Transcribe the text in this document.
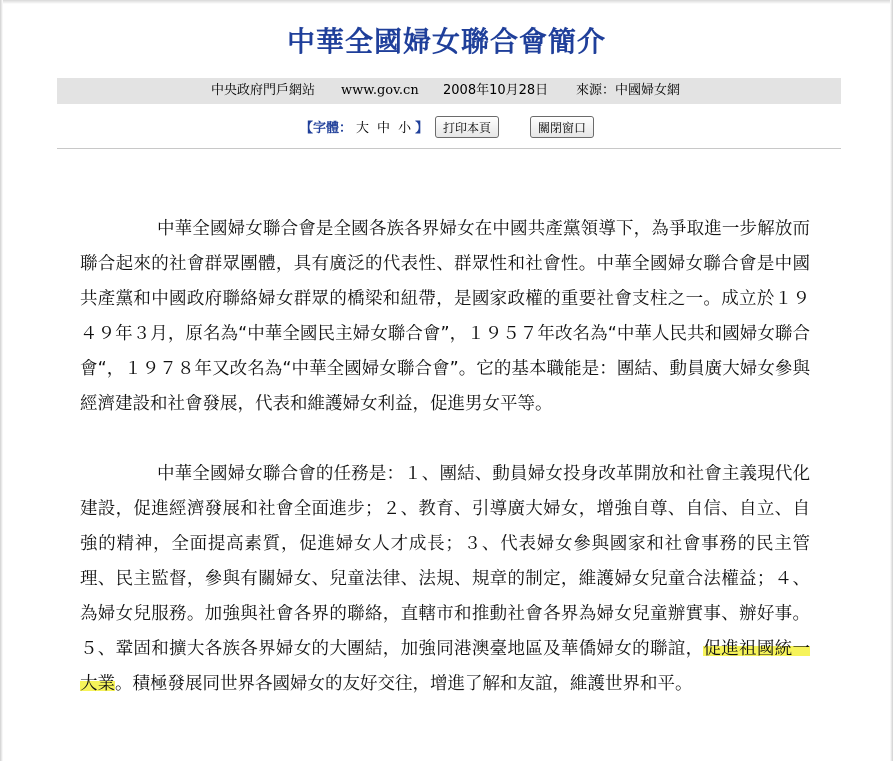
中華全國婦女聯合會簡介
中央政府門戶網站 www.gov.cn 2008年10月28日 來源：中國婦女網
【字體： 大 中 小 】	打印本頁	關閉窗口

中華全國婦女聯合會是全國各族各界婦女在中國共產黨領導下，為爭取進一步解放而聯合起來的社會群眾團體，具有廣泛的代表性、群眾性和社會性。中華全國婦女聯合會是中國共產黨和中國政府聯絡婦女群眾的橋梁和紐帶，是國家政權的重要社會支柱之一。成立於１９４９年３月，原名為“中華全國民主婦女聯合會”，１９５７年改名為“中華人民共和國婦女聯合會“，１９７８年又改名為“中華全國婦女聯合會”。它的基本職能是：團結、動員廣大婦女參與經濟建設和社會發展，代表和維護婦女利益，促進男女平等。

中華全國婦女聯合會的任務是：１、團結、動員婦女投身改革開放和社會主義現代化建設，促進經濟發展和社會全面進步；２、教育、引導廣大婦女，增強自尊、自信、自立、自強的精神，全面提高素質，促進婦女人才成長；３、代表婦女參與國家和社會事務的民主管理、民主監督，參與有關婦女、兒童法律、法規、規章的制定，維護婦女兒童合法權益；４、為婦女兒服務。加強與社會各界的聯絡，直轄市和推動社會各界為婦女兒童辦實事、辦好事。５、鞏固和擴大各族各界婦女的大團結，加強同港澳臺地區及華僑婦女的聯誼，促進祖國統一大業。積極發展同世界各國婦女的友好交往，增進了解和友誼，維護世界和平。
